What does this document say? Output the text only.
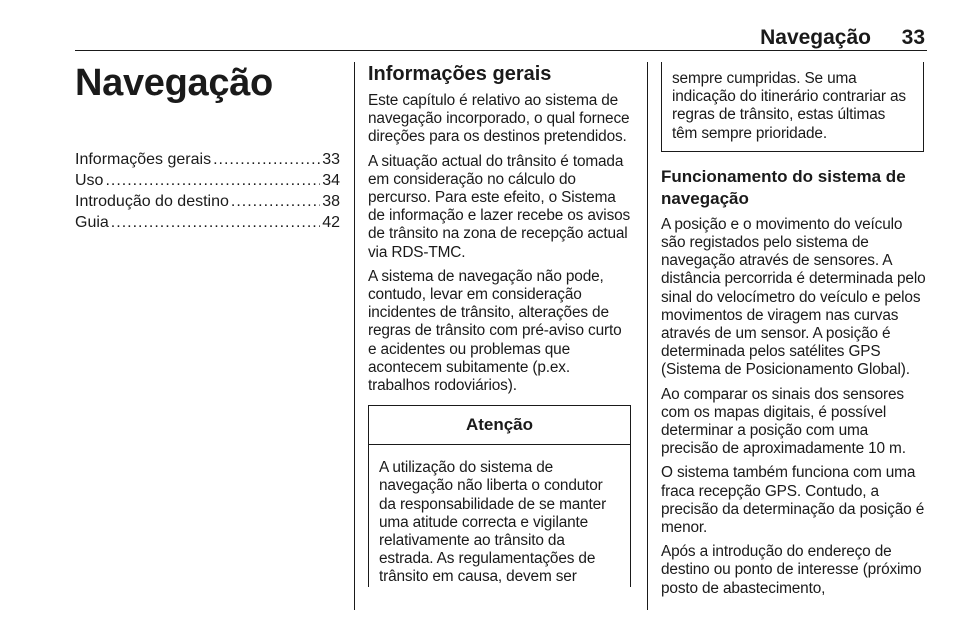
Navegação 33
Navegação
Informações gerais .....	33
Uso .....	34
Introdução do destino .....	38
Guia .....	42
Informações gerais

Este capítulo é relativo ao sistema de navegação incorporado, o qual fornece direções para os destinos pretendidos.

A situação actual do trânsito é tomada em consideração no cálculo do percurso. Para este efeito, o Sistema de informação e lazer recebe os avisos de trânsito na zona de recepção actual via RDS-TMC.

A sistema de navegação não pode, contudo, levar em consideração incidentes de trânsito, alterações de regras de trânsito com pré-aviso curto e acidentes ou problemas que acontecem subitamente (p.ex. trabalhos rodoviários).

Atenção

A utilização do sistema de navegação não liberta o condutor da responsabilidade de se manter uma atitude correcta e vigilante relativamente ao trânsito da estrada. As regulamentações de trânsito em causa, devem ser

sempre cumpridas. Se uma indicação do itinerário contrariar as regras de trânsito, estas últimas têm sempre prioridade.

Funcionamento do sistema de navegação

A posição e o movimento do veículo são registados pelo sistema de navegação através de sensores. A distância percorrida é determinada pelo sinal do velocímetro do veículo e pelos movimentos de viragem nas curvas através de um sensor. A posição é determinada pelos satélites GPS (Sistema de Posicionamento Global).

Ao comparar os sinais dos sensores com os mapas digitais, é possível determinar a posição com uma precisão de aproximadamente 10 m.

O sistema também funciona com uma fraca recepção GPS. Contudo, a precisão da determinação da posição é menor.

Após a introdução do endereço de destino ou ponto de interesse (próximo posto de abastecimento,
